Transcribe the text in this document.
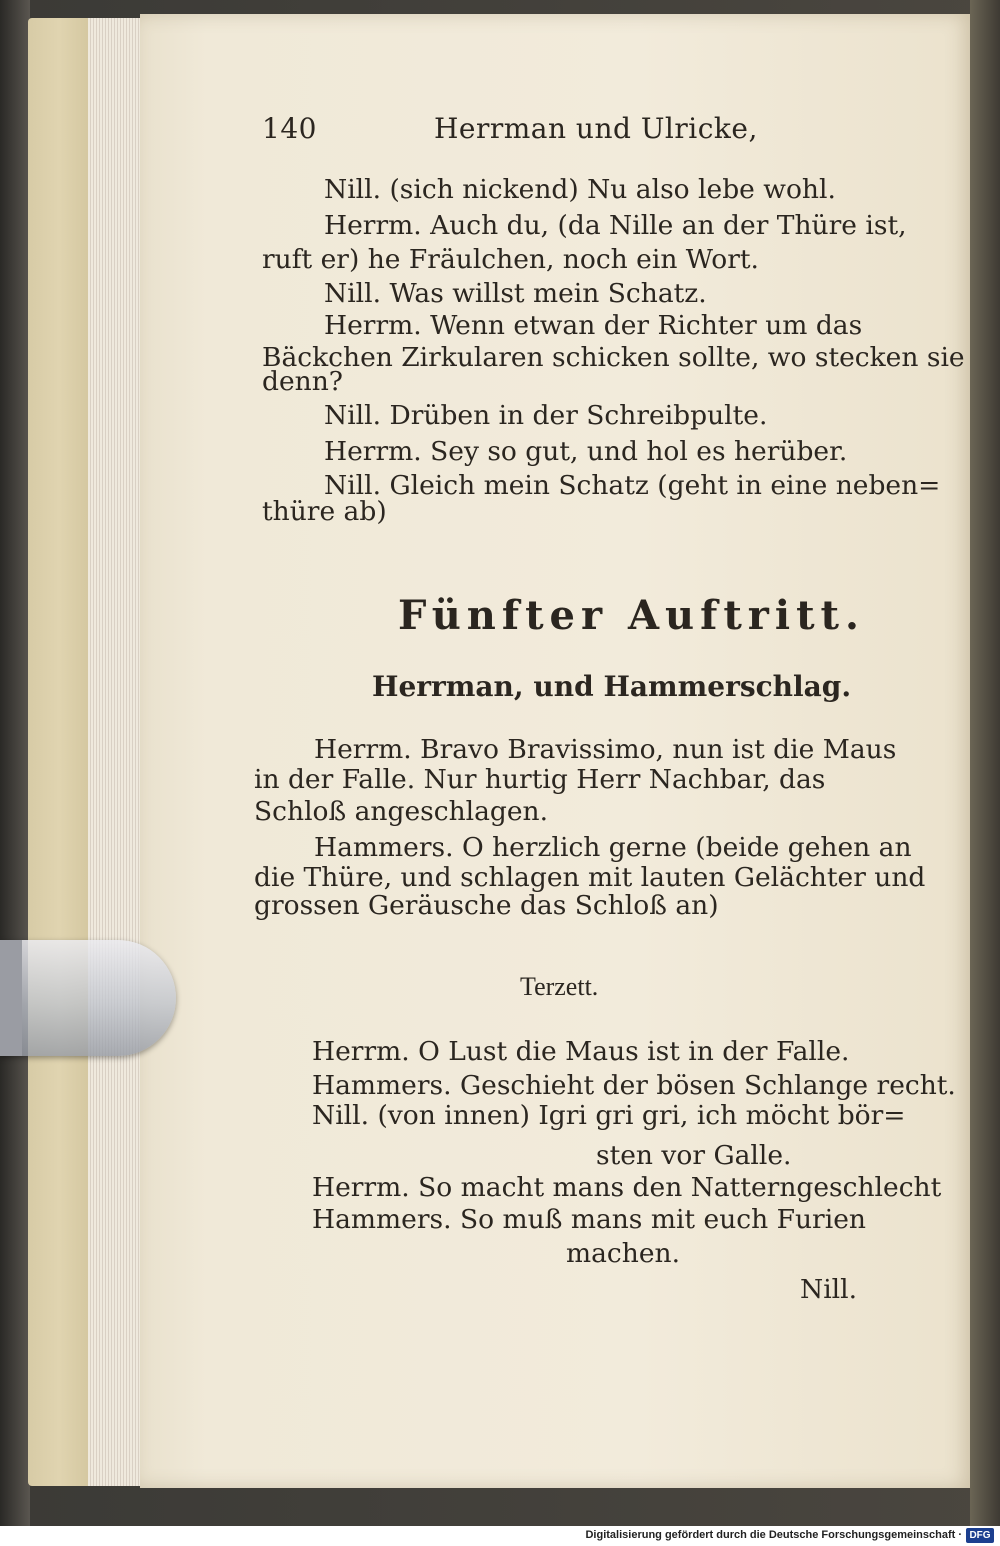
140	Herrman und Ulricke,
Nill. (sich nickend) Nu also lebe wohl.
Herrm. Auch du, (da Nille an der Thüre ist,
ruft er) he Fräulchen, noch ein Wort.
Nill. Was willst mein Schatz.
Herrm. Wenn etwan der Richter um das
Bäckchen Zirkularen schicken sollte, wo stecken sie
denn?
Nill. Drüben in der Schreibpulte.
Herrm. Sey so gut, und hol es herüber.
Nill. Gleich mein Schatz (geht in eine neben=
thüre ab)
Fünfter Auftritt.
Herrman, und Hammerschlag.
Herrm. Bravo Bravissimo, nun ist die Maus
in der Falle. Nur hurtig Herr Nachbar, das
Schloß angeschlagen.
Hammers. O herzlich gerne (beide gehen an
die Thüre, und schlagen mit lauten Gelächter und
grossen Geräusche das Schloß an)
Terzett.
Herrm. O Lust die Maus ist in der Falle.
Hammers. Geschieht der bösen Schlange recht.
Nill. (von innen) Igri gri gri, ich möcht bör=
sten vor Galle.
Herrm. So macht mans den Natterngeschlecht
Hammers. So muß mans mit euch Furien
machen.
Nill.
Digitalisierung gefördert durch die Deutsche Forschungsgemeinschaft · DFG
